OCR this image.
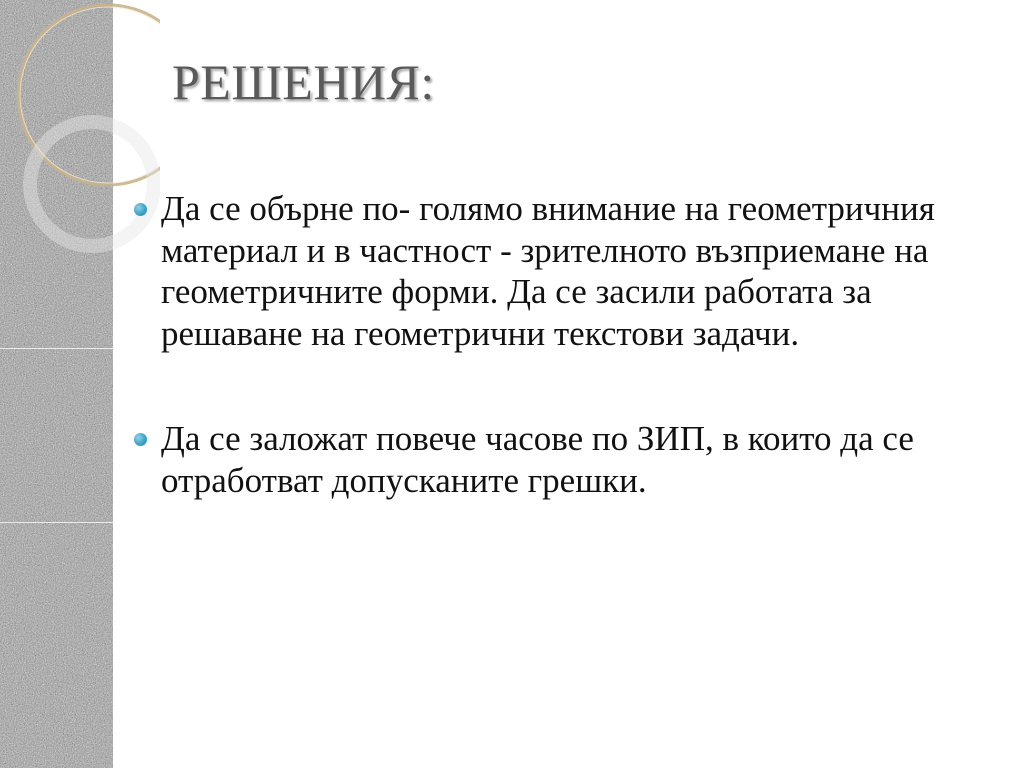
РЕШЕНИЯ:
Да се обърне по- голямо внимание на геометричния материал и в частност - зрителното възприемане на геометричните форми. Да се засили работата за решаване на геометрични текстови задачи.
Да се заложат повече часове по ЗИП, в които да се отработват допусканите грешки.
